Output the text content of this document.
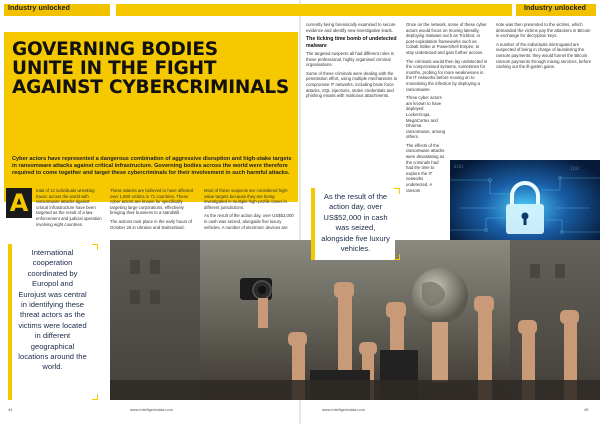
Industry unlocked	Industry unlocked
GOVERNING BODIES
UNITE IN THE FIGHT
AGAINST CYBERCRIMINALS

Cyber actors have represented a dangerous combination of aggressive disruption and high-stake targets in ransomware attacks against critical infrastructure. Governing bodies across the world were therefore required to come together and target these cybercriminals for their involvement in such harmful attacks.

A	total of 12 individuals wreaking havoc across the world with ransomware attacks against critical infrastructure have been targeted as the result of a law enforcement and judicial operation involving eight countries.

These attacks are believed to have affected over 1,800 victims in 71 countries. These cyber actors are known for specifically targeting large corporations, effectively bringing their business to a standstill.

The actions took place in the early hours of October 26 in Ukraine and Switzerland.

Most of these suspects are considered high-value targets because they are being investigated in multiple high-profile cases in different jurisdictions.

As the result of the action day, over US$52,000 in cash was seized, alongside five luxury vehicles. A number of electronic devices are

currently being forensically examined to secure evidence and identify new investigative leads.

The ticking time bomb of undetected malware

The targeted suspects all had different roles in these professional, highly organised criminal organisations.

Some of these criminals were dealing with the penetration effort, using multiple mechanisms to compromise IT networks, including brute force attacks, SQL injections, stolen credentials and phishing emails with malicious attachments.

Once on the network, some of these cyber actors would focus on moving laterally, deploying malware such as Trickbot, or post-exploitation frameworks such as Cobalt Strike or PowerShell Empire, to stay undetected and gain further access.

The criminals would then lay undetected in the compromised systems, sometimes for months, probing for more weaknesses in the IT networks before moving on to monetising the infection by deploying a ransomware.

Three cyber actors are known to have deployed LockerGoga, MegaCortex and Dharma ransomware, among others.

The effects of the ransomware attacks were devastating as the criminals had had the time to explore the IT networks undetected. A ransom

note was then presented to the victims, which demanded the victims pay the attackers in Bitcoin in exchange for decryption keys.

A number of the individuals interrogated are suspected of being in charge of laundering the ransom payments: they would funnel the Bitcoin ransom payments through mixing services, before cashing out the ill-gotten gains.

0101	1101

International cooperation coordinated by Europol and Eurojust was central in identifying these threat actors as the victims were located in different geographical locations around the world.

As the result of the action day, over US$52,000 in cash was seized, alongside five luxury vehicles.

44	www.intelligentdata.com	www.intelligentdata.com	45
